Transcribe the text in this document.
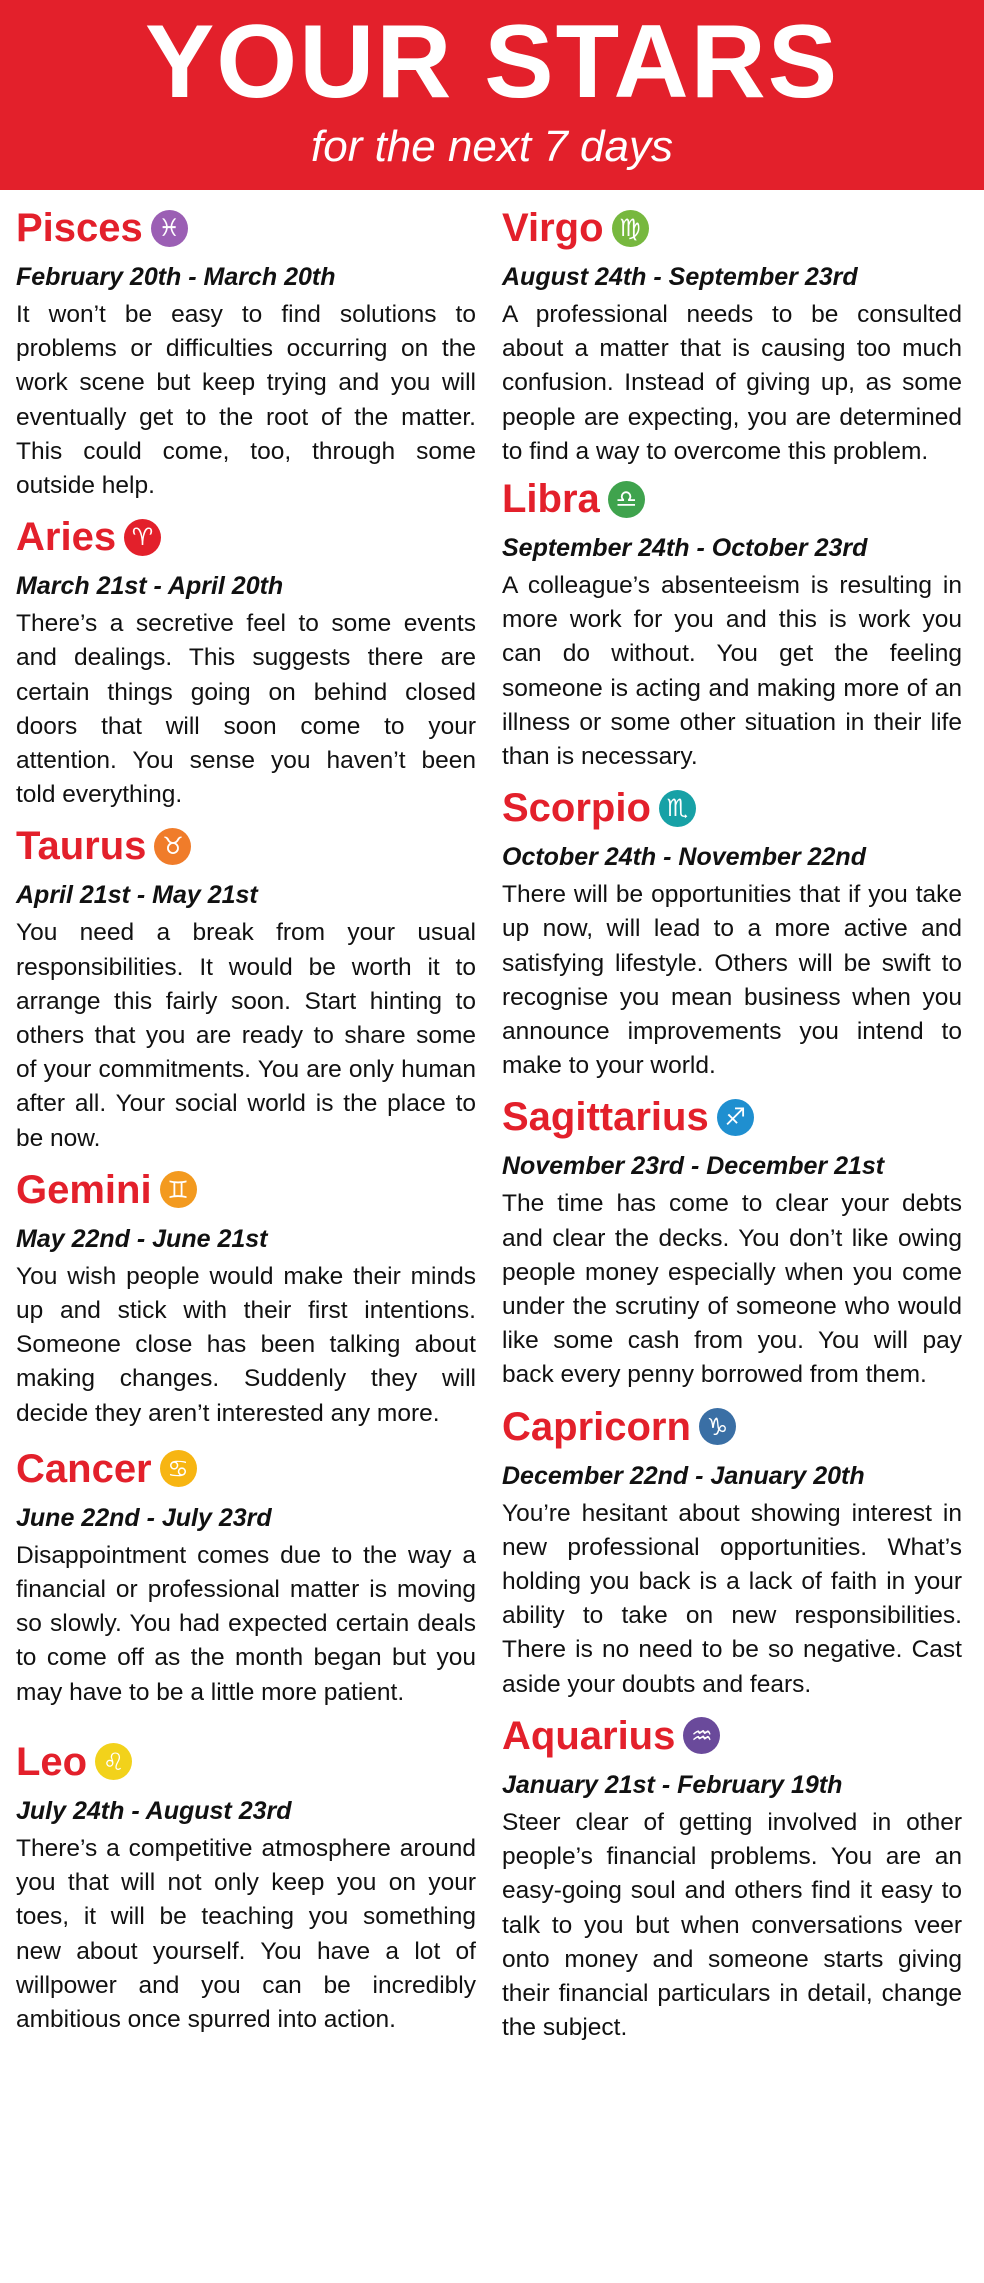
YOUR STARS
for the next 7 days
Pisces ♓
February 20th - March 20th
It won’t be easy to find solutions to problems or difficulties occurring on the work scene but keep trying and you will eventually get to the root of the matter. This could come, too, through some outside help.
Aries ♈
March 21st - April 20th
There’s a secretive feel to some events and dealings. This suggests there are certain things going on behind closed doors that will soon come to your attention. You sense you haven’t been told everything.
Taurus ♉
April 21st - May 21st
You need a break from your usual responsibilities. It would be worth it to arrange this fairly soon. Start hinting to others that you are ready to share some of your commitments. You are only human after all. Your social world is the place to be now.
Gemini ♊
May 22nd - June 21st
You wish people would make their minds up and stick with their first intentions. Someone close has been talking about making changes. Suddenly they will decide they aren’t interested any more.
Cancer ♋
June 22nd - July 23rd
Disappointment comes due to the way a financial or professional matter is moving so slowly. You had expected certain deals to come off as the month began but you may have to be a little more patient.
Leo ♌
July 24th - August 23rd
There’s a competitive atmosphere around you that will not only keep you on your toes, it will be teaching you something new about yourself. You have a lot of willpower and you can be incredibly ambitious once spurred into action.
Virgo ♍
August 24th - September 23rd
A professional needs to be consulted about a matter that is causing too much confusion. Instead of giving up, as some people are expecting, you are determined to find a way to overcome this problem.
Libra ♎
September 24th - October 23rd
A colleague’s absenteeism is resulting in more work for you and this is work you can do without. You get the feeling someone is acting and making more of an illness or some other situation in their life than is necessary.
Scorpio ♏
October 24th - November 22nd
There will be opportunities that if you take up now, will lead to a more active and satisfying lifestyle. Others will be swift to recognise you mean business when you announce improvements you intend to make to your world.
Sagittarius ♐
November 23rd - December 21st
The time has come to clear your debts and clear the decks. You don’t like owing people money especially when you come under the scrutiny of someone who would like some cash from you. You will pay back every penny borrowed from them.
Capricorn ♑
December 22nd - January 20th
You’re hesitant about showing interest in new professional opportunities. What’s holding you back is a lack of faith in your ability to take on new responsibilities. There is no need to be so negative. Cast aside your doubts and fears.
Aquarius ♒
January 21st - February 19th
Steer clear of getting involved in other people’s financial problems. You are an easy-going soul and others find it easy to talk to you but when conversations veer onto money and someone starts giving their financial particulars in detail, change the subject.
